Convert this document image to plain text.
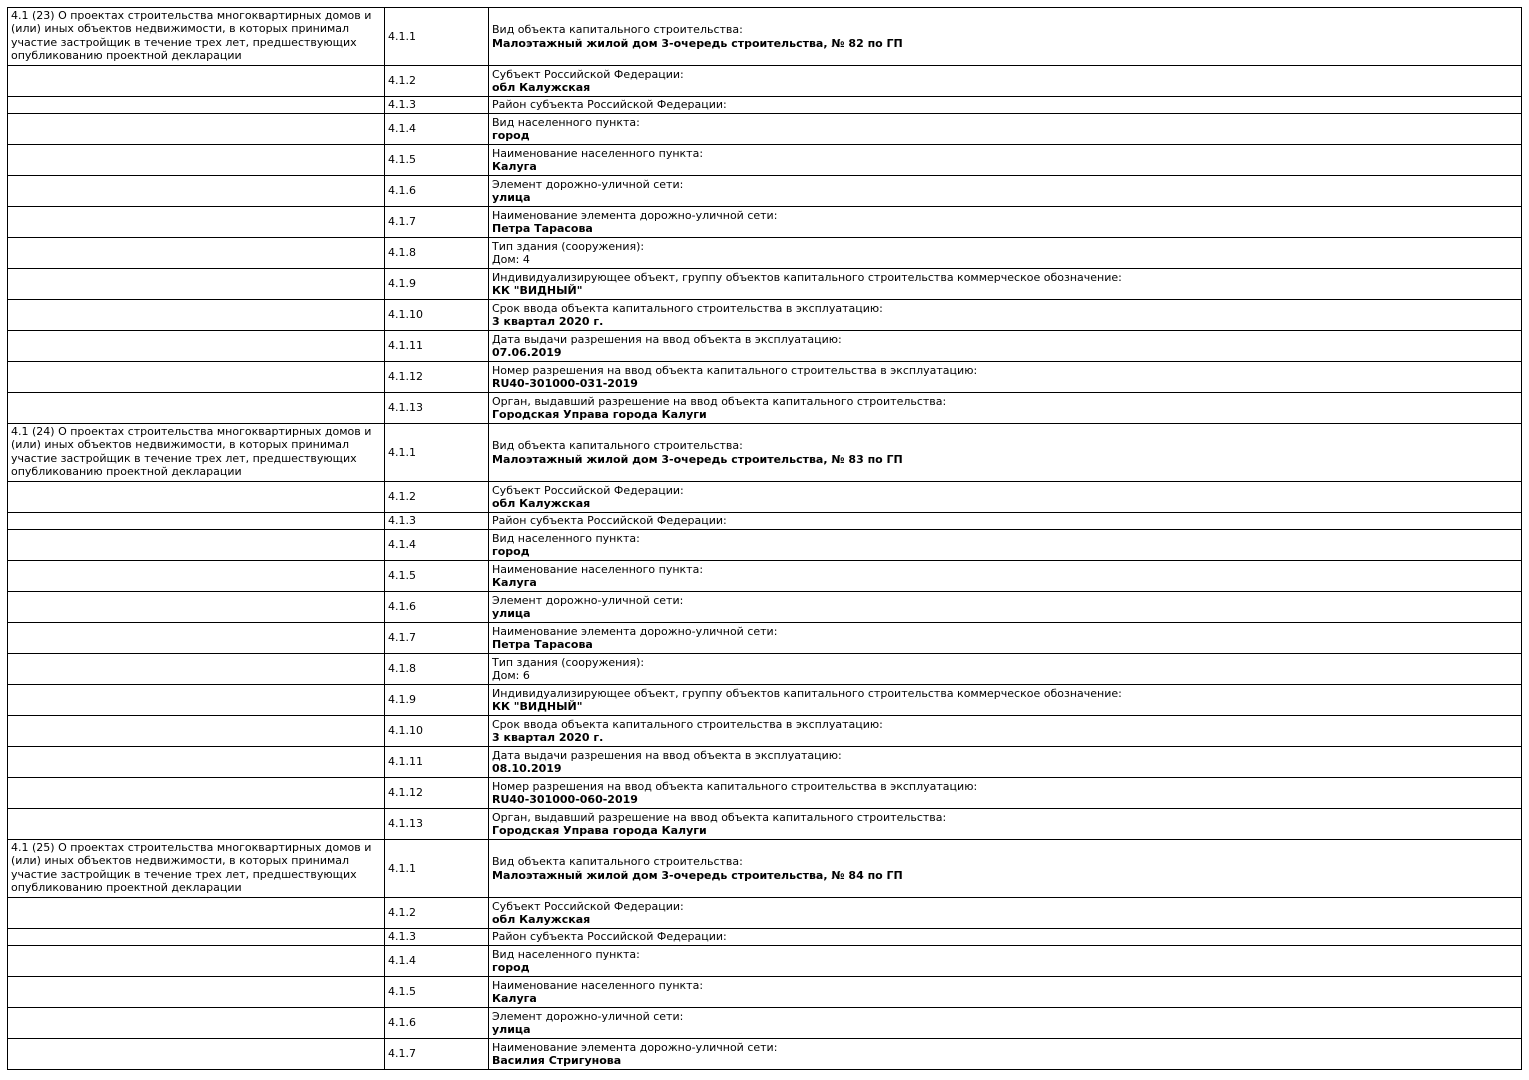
4.1 (23) О проектах строительства многоквартирных домов и (или) иных объектов недвижимости, в которых принимал участие застройщик в течение трех лет, предшествующих опубликованию проектной декларации	4.1.1	Вид объекта капитального строительства:
Малоэтажный жилой дом 3-очередь строительства, № 82 по ГП

	4.1.2	Субъект Российской Федерации:
обл Калужская

	4.1.3	Район субъекта Российской Федерации:

	4.1.4	Вид населенного пункта:
город

	4.1.5	Наименование населенного пункта:
Калуга

	4.1.6	Элемент дорожно-уличной сети:
улица

	4.1.7	Наименование элемента дорожно-уличной сети:
Петра Тарасова

	4.1.8	Тип здания (сооружения):
Дом: 4

	4.1.9	Индивидуализирующее объект, группу объектов капитального строительства коммерческое обозначение:
КК "ВИДНЫЙ"

	4.1.10	Срок ввода объекта капитального строительства в эксплуатацию:
3 квартал 2020 г.

	4.1.11	Дата выдачи разрешения на ввод объекта в эксплуатацию:
07.06.2019

	4.1.12	Номер разрешения на ввод объекта капитального строительства в эксплуатацию:
RU40-301000-031-2019

	4.1.13	Орган, выдавший разрешение на ввод объекта капитального строительства:
Городская Управа города Калуги

4.1 (24) О проектах строительства многоквартирных домов и (или) иных объектов недвижимости, в которых принимал участие застройщик в течение трех лет, предшествующих опубликованию проектной декларации	4.1.1	Вид объекта капитального строительства:
Малоэтажный жилой дом 3-очередь строительства, № 83 по ГП

	4.1.2	Субъект Российской Федерации:
обл Калужская

	4.1.3	Район субъекта Российской Федерации:

	4.1.4	Вид населенного пункта:
город

	4.1.5	Наименование населенного пункта:
Калуга

	4.1.6	Элемент дорожно-уличной сети:
улица

	4.1.7	Наименование элемента дорожно-уличной сети:
Петра Тарасова

	4.1.8	Тип здания (сооружения):
Дом: 6

	4.1.9	Индивидуализирующее объект, группу объектов капитального строительства коммерческое обозначение:
КК "ВИДНЫЙ"

	4.1.10	Срок ввода объекта капитального строительства в эксплуатацию:
3 квартал 2020 г.

	4.1.11	Дата выдачи разрешения на ввод объекта в эксплуатацию:
08.10.2019

	4.1.12	Номер разрешения на ввод объекта капитального строительства в эксплуатацию:
RU40-301000-060-2019

	4.1.13	Орган, выдавший разрешение на ввод объекта капитального строительства:
Городская Управа города Калуги

4.1 (25) О проектах строительства многоквартирных домов и (или) иных объектов недвижимости, в которых принимал участие застройщик в течение трех лет, предшествующих опубликованию проектной декларации	4.1.1	Вид объекта капитального строительства:
Малоэтажный жилой дом 3-очередь строительства, № 84 по ГП

	4.1.2	Субъект Российской Федерации:
обл Калужская

	4.1.3	Район субъекта Российской Федерации:

	4.1.4	Вид населенного пункта:
город

	4.1.5	Наименование населенного пункта:
Калуга

	4.1.6	Элемент дорожно-уличной сети:
улица

	4.1.7	Наименование элемента дорожно-уличной сети:
Василия Стригунова
